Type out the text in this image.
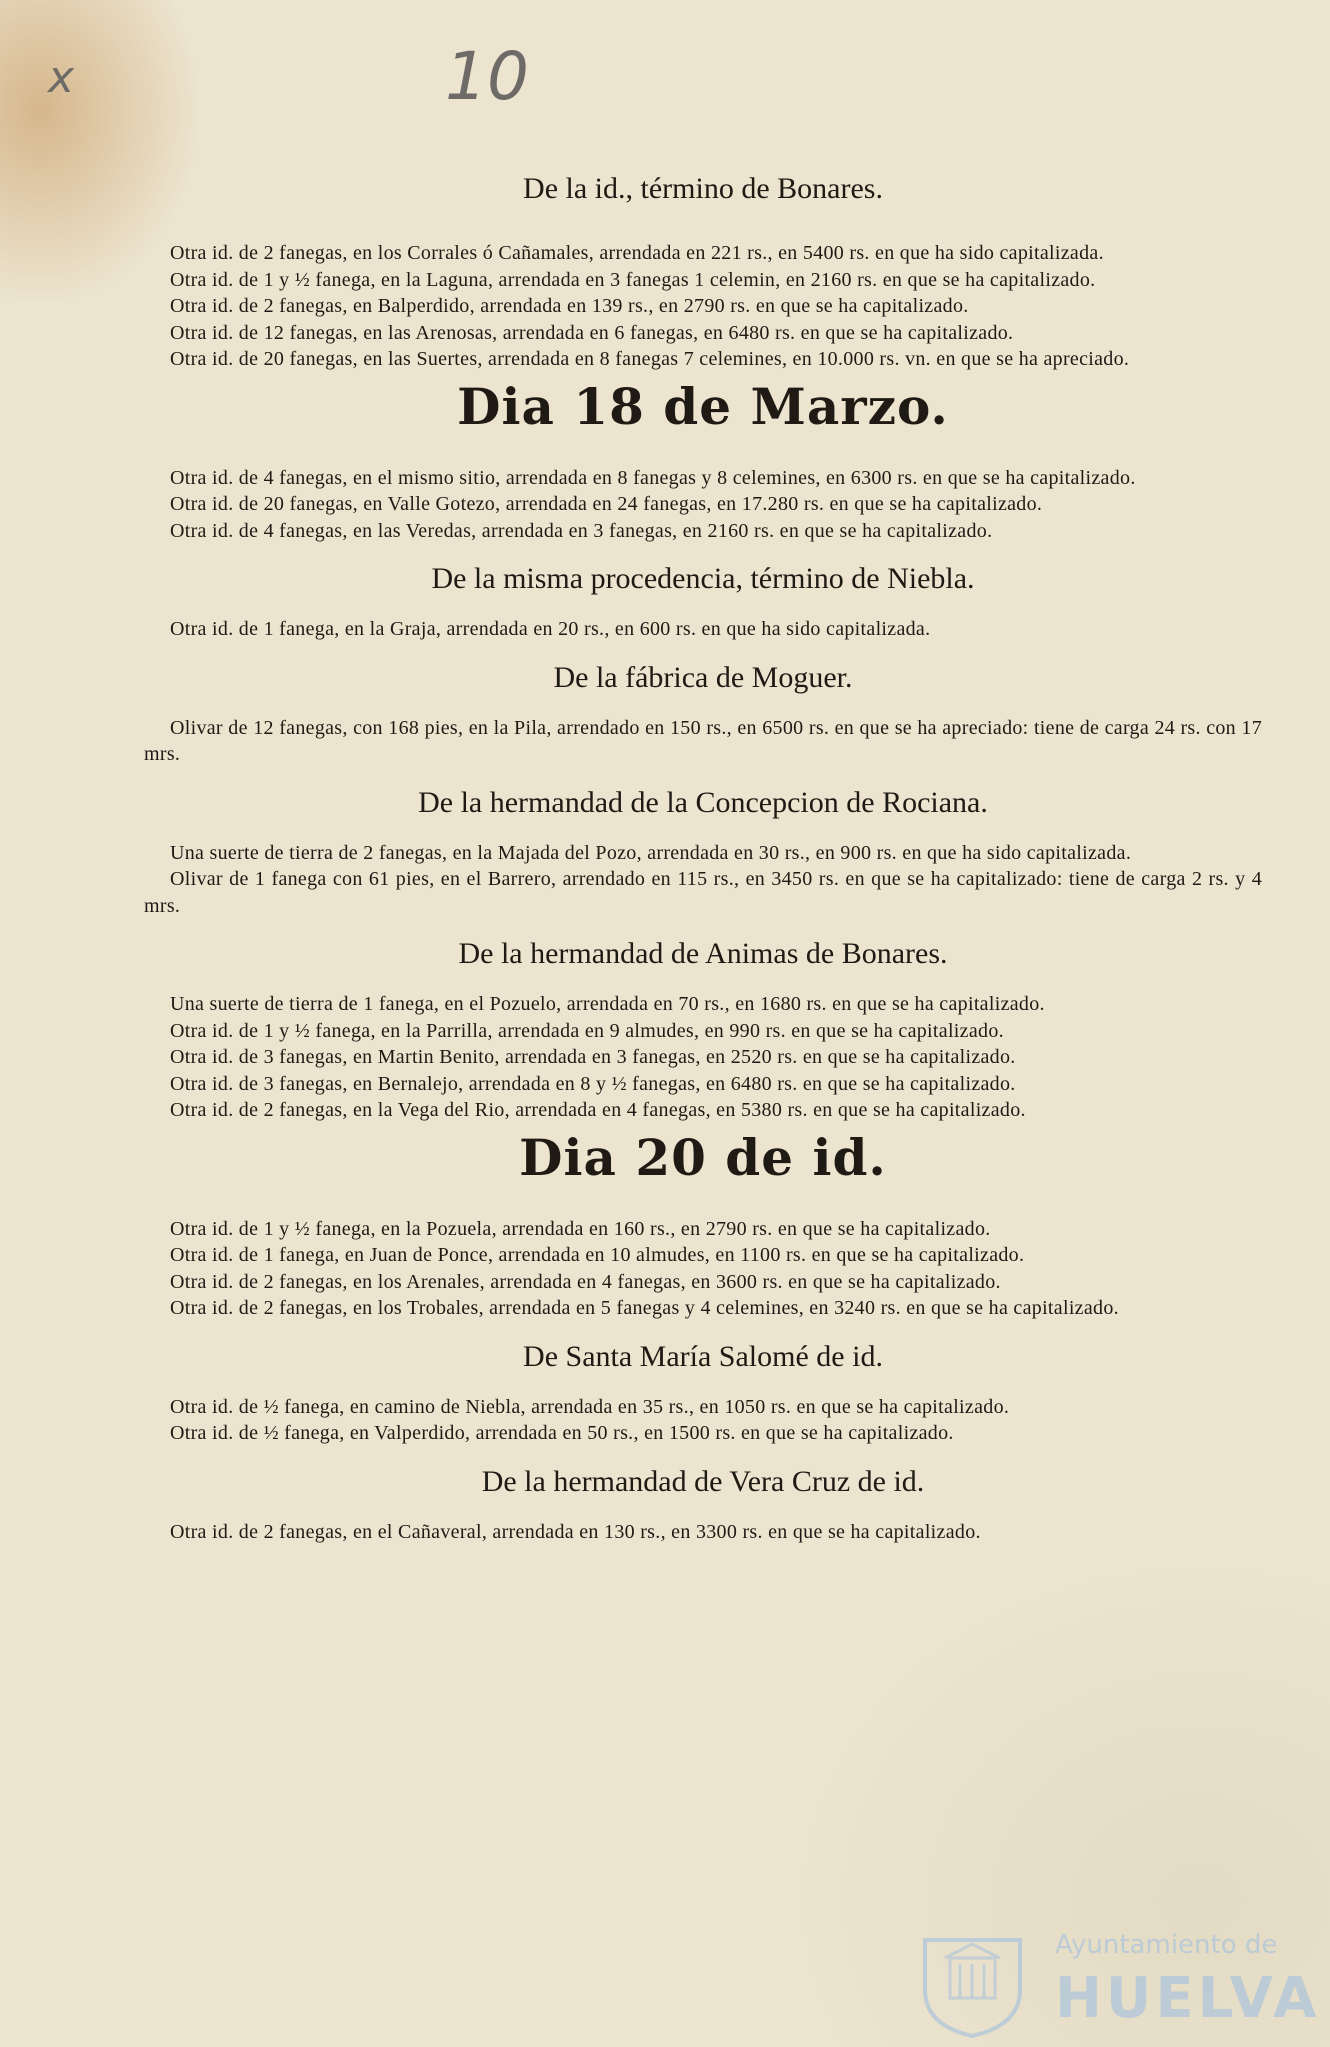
x	10
De la id., término de Bonares.

Otra id. de 2 fanegas, en los Corrales ó Cañamales, arrendada en 221 rs., en 5400 rs. en que ha sido capitalizada.

Otra id. de 1 y ½ fanega, en la Laguna, arrendada en 3 fanegas 1 celemin, en 2160 rs. en que se ha capitalizado.

Otra id. de 2 fanegas, en Balperdido, arrendada en 139 rs., en 2790 rs. en que se ha capitalizado.

Otra id. de 12 fanegas, en las Arenosas, arrendada en 6 fanegas, en 6480 rs. en que se ha capitalizado.

Otra id. de 20 fanegas, en las Suertes, arrendada en 8 fanegas 7 celemines, en 10.000 rs. vn. en que se ha apreciado.

Dia 18 de Marzo.

Otra id. de 4 fanegas, en el mismo sitio, arrendada en 8 fanegas y 8 celemines, en 6300 rs. en que se ha capitalizado.

Otra id. de 20 fanegas, en Valle Gotezo, arrendada en 24 fanegas, en 17.280 rs. en que se ha capitalizado.

Otra id. de 4 fanegas, en las Veredas, arrendada en 3 fanegas, en 2160 rs. en que se ha capitalizado.

De la misma procedencia, término de Niebla.

Otra id. de 1 fanega, en la Graja, arrendada en 20 rs., en 600 rs. en que ha sido capitalizada.

De la fábrica de Moguer.

Olivar de 12 fanegas, con 168 pies, en la Pila, arrendado en 150 rs., en 6500 rs. en que se ha apreciado: tiene de carga 24 rs. con 17 mrs.

De la hermandad de la Concepcion de Rociana.

Una suerte de tierra de 2 fanegas, en la Majada del Pozo, arrendada en 30 rs., en 900 rs. en que ha sido capitalizada.

Olivar de 1 fanega con 61 pies, en el Barrero, arrendado en 115 rs., en 3450 rs. en que se ha capitalizado: tiene de carga 2 rs. y 4 mrs.

De la hermandad de Animas de Bonares.

Una suerte de tierra de 1 fanega, en el Pozuelo, arrendada en 70 rs., en 1680 rs. en que se ha capitalizado.

Otra id. de 1 y ½ fanega, en la Parrilla, arrendada en 9 almudes, en 990 rs. en que se ha capitalizado.

Otra id. de 3 fanegas, en Martin Benito, arrendada en 3 fanegas, en 2520 rs. en que se ha capitalizado.

Otra id. de 3 fanegas, en Bernalejo, arrendada en 8 y ½ fanegas, en 6480 rs. en que se ha capitalizado.

Otra id. de 2 fanegas, en la Vega del Rio, arrendada en 4 fanegas, en 5380 rs. en que se ha capitalizado.

Dia 20 de id.

Otra id. de 1 y ½ fanega, en la Pozuela, arrendada en 160 rs., en 2790 rs. en que se ha capitalizado.

Otra id. de 1 fanega, en Juan de Ponce, arrendada en 10 almudes, en 1100 rs. en que se ha capitalizado.

Otra id. de 2 fanegas, en los Arenales, arrendada en 4 fanegas, en 3600 rs. en que se ha capitalizado.

Otra id. de 2 fanegas, en los Trobales, arrendada en 5 fanegas y 4 celemines, en 3240 rs. en que se ha capitalizado.

De Santa María Salomé de id.

Otra id. de ½ fanega, en camino de Niebla, arrendada en 35 rs., en 1050 rs. en que se ha capitalizado.

Otra id. de ½ fanega, en Valperdido, arrendada en 50 rs., en 1500 rs. en que se ha capitalizado.

De la hermandad de Vera Cruz de id.

Otra id. de 2 fanegas, en el Cañaveral, arrendada en 130 rs., en 3300 rs. en que se ha capitalizado.

Ayuntamiento de
HUELVA
